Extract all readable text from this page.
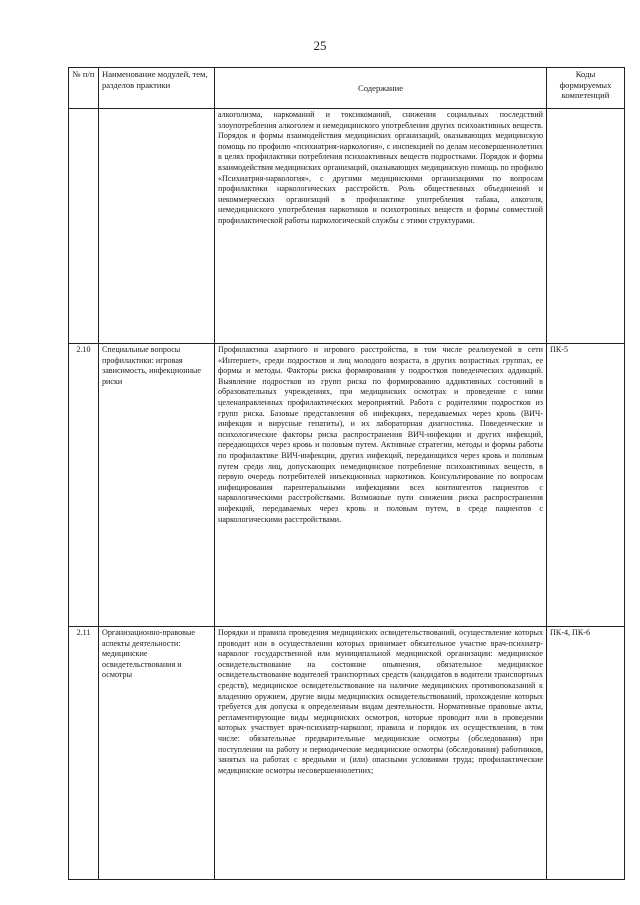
25
№ п/п	Наименование модулей, тем, разделов практики	Содержание	Коды формируемых компетенций
		алкоголизма, наркоманий и токсикоманий, снижения социальных последствий злоупотребления алкоголем и немедицинского употребления других психоактивных веществ. Порядок и формы взаимодействия медицинских организаций, оказывающих медицинскую помощь по профилю «психиатрия-наркология», с инспекцией по делам несовершеннолетних в целях профилактики потребления психоактивных веществ подростками. Порядок и формы взаимодействия медицинских организаций, оказывающих медицинскую помощь по профилю «Психиатрия-наркология», с другими медицинскими организациями по вопросам профилактики наркологических расстройств. Роль общественных объединений и некоммерческих организаций в профилактике употребления табака, алкоголя, немедицинского употребления наркотиков и психотропных веществ и формы совместной профилактической работы наркологической службы с этими структурами.	
2.10	Специальные вопросы профилактики: игровая зависимость, инфекционные риски	Профилактика азартного и игрового расстройства, в том числе реализуемой в сети «Интернет», среди подростков и лиц молодого возраста, в других возрастных группах, ее формы и методы. Факторы риска формирования у подростков поведенческих аддикций. Выявление подростков из групп риска по формированию аддиктивных состояний в образовательных учреждениях, при медицинских осмотрах и проведение с ними целенаправленных профилактических мероприятий. Работа с родителями подростков из групп риска. Базовые представления об инфекциях, передаваемых через кровь (ВИЧ-инфекция и вирусные гепатиты), и их лабораторная диагностика. Поведенческие и психологические факторы риска распространения ВИЧ-инфекции и других инфекций, передающихся через кровь и половым путем. Активные стратегии, методы и формы работы по профилактике ВИЧ-инфекции, других инфекций, передающихся через кровь и половым путем среди лиц, допускающих немедицинское потребление психоактивных веществ, в первую очередь потребителей инъекционных наркотиков. Консультирование по вопросам инфицирования парентеральными инфекциями всех контингентов пациентов с наркологическими расстройствами. Возможные пути снижения риска распространения инфекций, передаваемых через кровь и половым путем, в среде пациентов с наркологическими расстройствами.	ПК-5
2.11	Организационно-правовые аспекты деятельности: медицинские освидетельствования и осмотры	Порядки и правила проведения медицинских освидетельствований, осуществление которых проводит или в осуществлении которых принимает обязательное участие врач-психиатр-нарколог государственной или муниципальной медицинской организации: медицинское освидетельствование на состояние опьянения, обязательное медицинское освидетельствование водителей транспортных средств (кандидатов в водители транспортных средств), медицинское освидетельствование на наличие медицинских противопоказаний к владению оружием, другие виды медицинских освидетельствований, прохождение которых требуется для допуска к определенным видам деятельности. Нормативные правовые акты, регламентирующие виды медицинских осмотров, которые проводит или в проведении которых участвует врач-психиатр-нарколог, правила и порядок их осуществления, в том числе: обязательные предварительные медицинские осмотры (обследования) при поступлении на работу и периодические медицинские осмотры (обследования) работников, занятых на работах с вредными и (или) опасными условиями труда; профилактические медицинские осмотры несовершеннолетних;	ПК-4, ПК-6
